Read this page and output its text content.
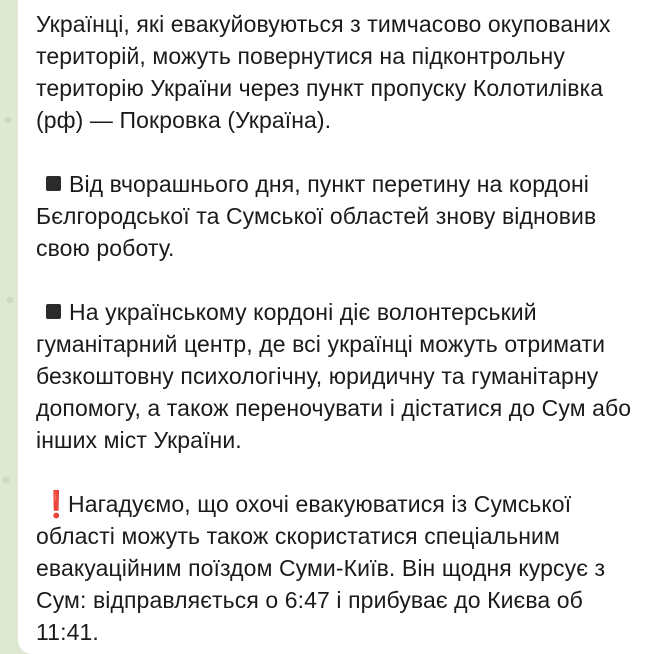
Українці, які евакуйовуються з тимчасово окупованих територій, можуть повернутися на підконтрольну територію України через пункт пропуску Колотилівка (рф) — Покровка (Україна).

Від вчорашнього дня, пункт перетину на кордоні Бєлгородської та Сумської областей знову відновив свою роботу.

На українському кордоні діє волонтерський гуманітарний центр, де всі українці можуть отримати безкоштовну психологічну, юридичну та гуманітарну допомогу, а також переночувати і дістатися до Сум або інших міст України.

❗Нагадуємо, що охочі евакуюватися із Сумської області можуть також скористатися спеціальним евакуаційним поїздом Суми-Київ. Він щодня курсує з Сум: відправляється о 6:47 і прибуває до Києва об 11:41.
